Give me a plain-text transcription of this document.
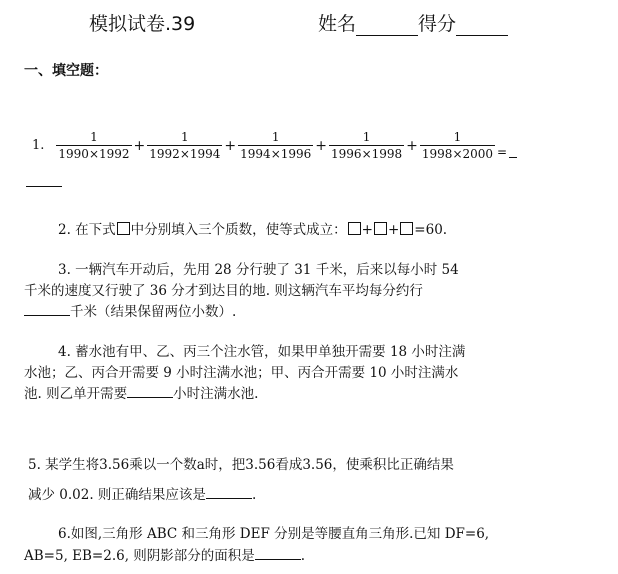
模拟试卷.39	姓名	得分
一、填空题：
1. $\frac{1}{1990\times 1992} + \frac{1}{1992\times 1994} + \frac{1}{1994\times 1996} + \frac{1}{1996\times 1998} + \frac{1}{1998\times 2000}$ =
2. 在下式 中分别填入三个质数，使等式成立： + + =60.
3. 一辆汽车开动后，先用 28 分行驶了 31 千米，后来以每小时 54
千米的速度又行驶了 36 分才到达目的地. 则这辆汽车平均每分约行
千米（结果保留两位小数）.
4. 蓄水池有甲、乙、丙三个注水管，如果甲单独开需要 18 小时注满
水池；乙、丙合开需要 9 小时注满水池；甲、丙合开需要 10 小时注满水
池. 则乙单开需要	小时注满水池.
5. 某学生将3.56乘以一个数a时，把3.56看成3.56，使乘积比正确结果
减少 0.02. 则正确结果应该是	.
6.如图,三角形 ABC 和三角形 DEF 分别是等腰直角三角形.已知 DF=6,
AB=5, EB=2.6, 则阴影部分的面积是	.
